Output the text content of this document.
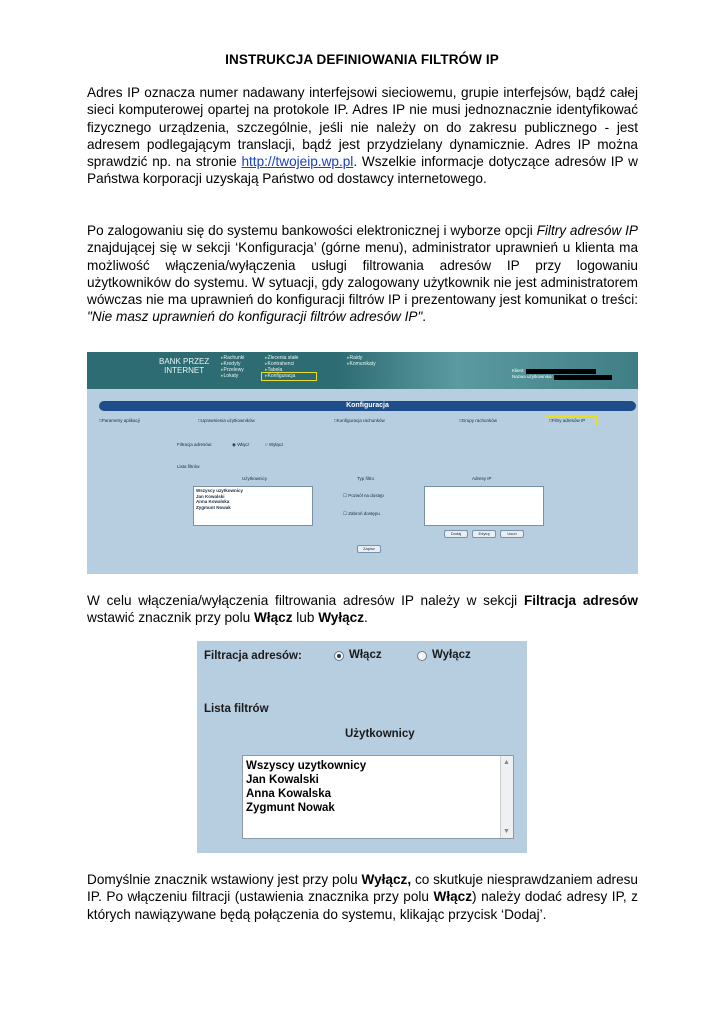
INSTRUKCJA DEFINIOWANIA FILTRÓW IP
Adres IP oznacza numer nadawany interfejsowi sieciowemu, grupie interfejsów, bądź całej sieci komputerowej opartej na protokole IP. Adres IP nie musi jednoznacznie identyfikować fizycznego urządzenia, szczególnie, jeśli nie należy on do zakresu publicznego - jest adresem podlegającym translacji, bądź jest przydzielany dynamicznie. Adres IP można sprawdzić np. na stronie http://twojeip.wp.pl. Wszelkie informacje dotyczące adresów IP w Państwa korporacji uzyskają Państwo od dostawcy internetowego.
Po zalogowaniu się do systemu bankowości elektronicznej i wyborze opcji Filtry adresów IP znajdującej się w sekcji ‘Konfiguracja’ (górne menu), administrator uprawnień u klienta ma możliwość włączenia/wyłączenia usługi filtrowania adresów IP przy logowaniu użytkowników do systemu. W sytuacji, gdy zalogowany użytkownik nie jest administratorem wówczas nie ma uprawnień do konfiguracji filtrów IP i prezentowany jest komunikat o treści: "Nie masz uprawnień do konfiguracji filtrów adresów IP".
BANK PRZEZ
INTERNET
▸ Rachunki
▸ Kredyty
▸ Przelewy
▸ Lokaty
▸ Zlecenia stałe
▸ Kontrahenci
▸ Tabela
▸ Konfiguracja
▸ Raidy
▸ Komunikaty
Klient:
Nazwa użytkownika:
Konfiguracja
□ Parametry aplikacji	□ Uprawnienia użytkowników	□ Konfiguracja rachunków	□ Grupy rachunków	□ Filtry adresów IP
Filtracja adresów:	◉ Włącz	○ Wyłącz
Lista filtrów
Użytkownicy	Typ filtru	Adresy IP
Wszyscy uzytkownicy
Jan Kowalski
Anna Kowalska
Zygmunt Nowak
☐ Pozwól na dostęp
☐ Zabroń dostępu
Dodaj	Edytuj	Usuń
Zapisz
W celu włączenia/wyłączenia filtrowania adresów IP należy w sekcji Filtracja adresów wstawić znacznik przy polu Włącz lub Wyłącz.
Filtracja adresów:	Włącz	Wyłącz
Lista filtrów
Użytkownicy
Wszyscy uzytkownicy
Jan Kowalski
Anna Kowalska
Zygmunt Nowak
▲
▼
Domyślnie znacznik wstawiony jest przy polu Wyłącz, co skutkuje niesprawdzaniem adresu IP. Po włączeniu filtracji (ustawienia znacznika przy polu Włącz) należy dodać adresy IP, z których nawiązywane będą połączenia do systemu, klikając przycisk ‘Dodaj’.
